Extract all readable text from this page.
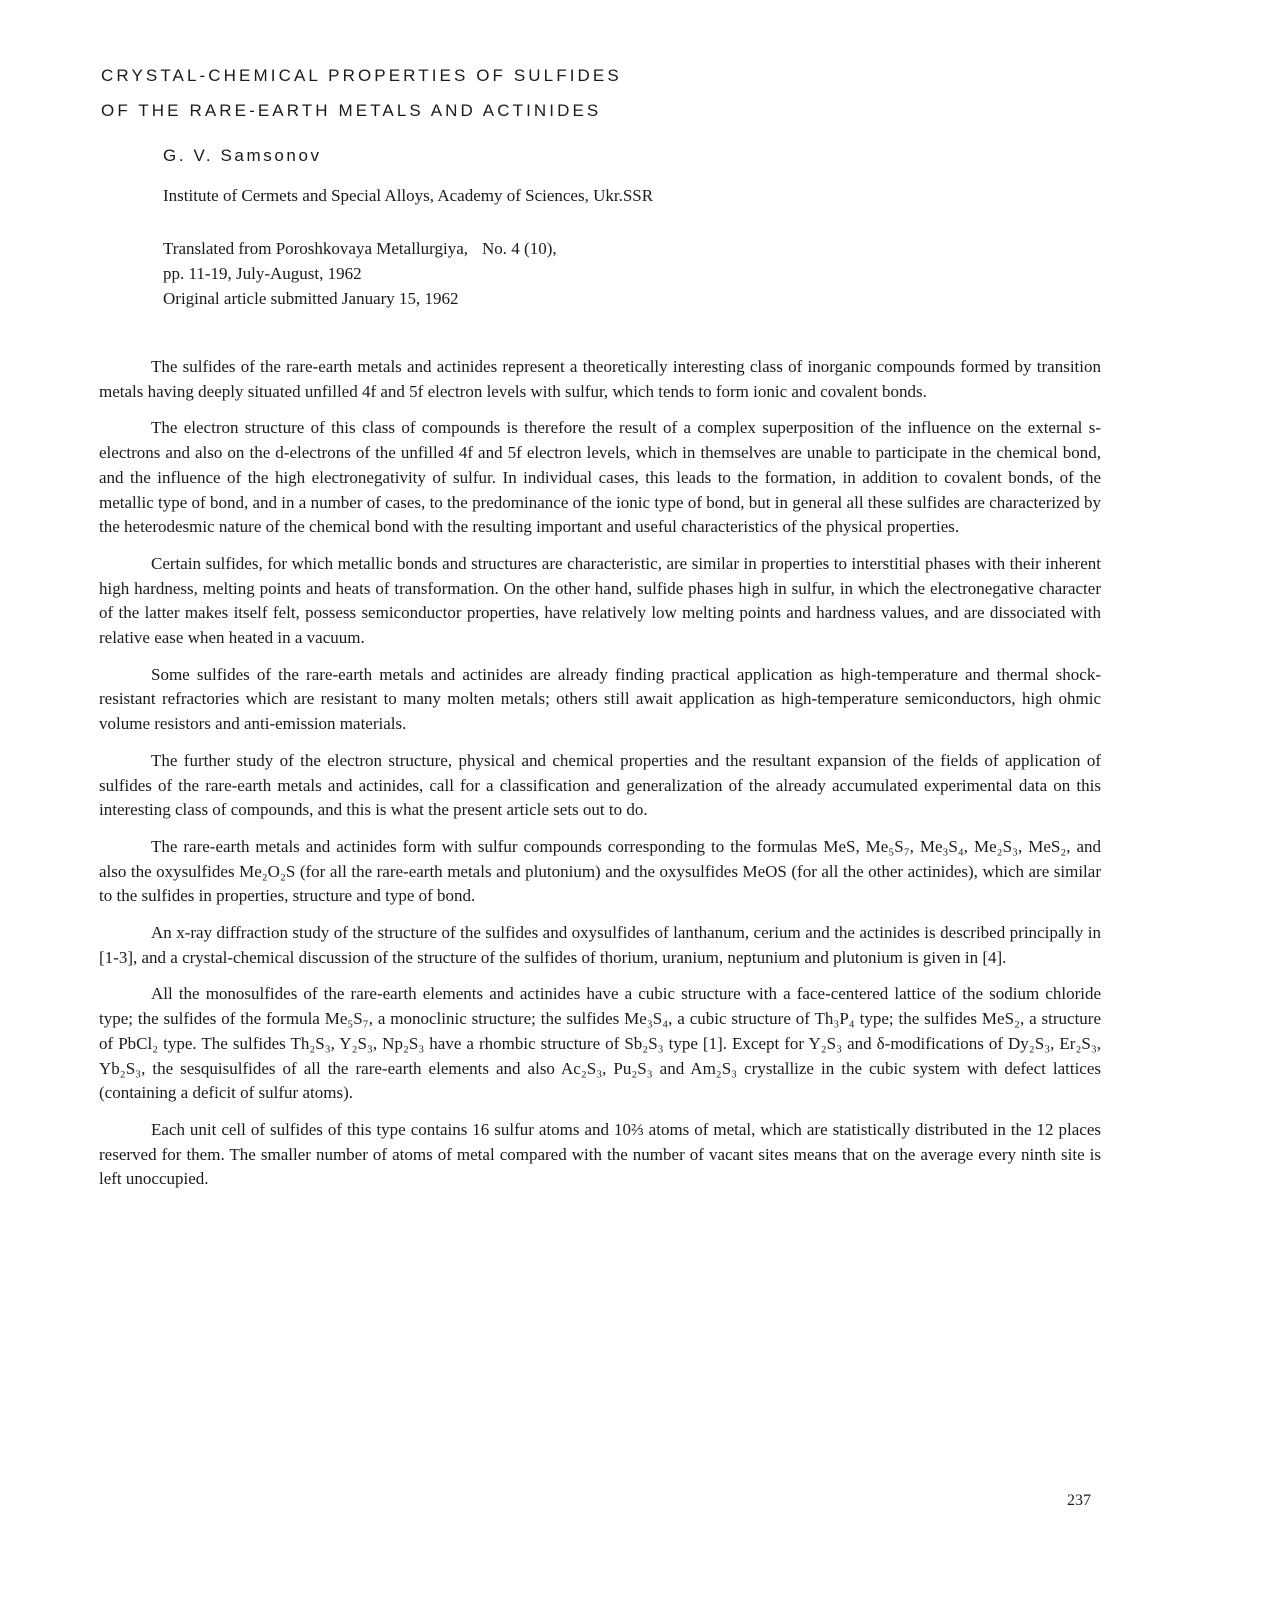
CRYSTAL-CHEMICAL PROPERTIES OF SULFIDES
OF THE RARE-EARTH METALS AND ACTINIDES
G. V. Samsonov
Institute of Cermets and Special Alloys, Academy of Sciences, Ukr.SSR
Translated from Poroshkovaya Metallurgiya, No. 4 (10),
pp. 11-19, July-August, 1962
Original article submitted January 15, 1962

The sulfides of the rare-earth metals and actinides represent a theoretically interesting class of inorganic compounds formed by transition metals having deeply situated unfilled 4f and 5f electron levels with sulfur, which tends to form ionic and covalent bonds.

The electron structure of this class of compounds is therefore the result of a complex superposition of the influence on the external s-electrons and also on the d-electrons of the unfilled 4f and 5f electron levels, which in themselves are unable to participate in the chemical bond, and the influence of the high electronegativity of sulfur. In individual cases, this leads to the formation, in addition to covalent bonds, of the metallic type of bond, and in a number of cases, to the predominance of the ionic type of bond, but in general all these sulfides are characterized by the heterodesmic nature of the chemical bond with the resulting important and useful characteristics of the physical properties.

Certain sulfides, for which metallic bonds and structures are characteristic, are similar in properties to interstitial phases with their inherent high hardness, melting points and heats of transformation. On the other hand, sulfide phases high in sulfur, in which the electronegative character of the latter makes itself felt, possess semiconductor properties, have relatively low melting points and hardness values, and are dissociated with relative ease when heated in a vacuum.

Some sulfides of the rare-earth metals and actinides are already finding practical application as high-temperature and thermal shock-resistant refractories which are resistant to many molten metals; others still await application as high-temperature semiconductors, high ohmic volume resistors and anti-emission materials.

The further study of the electron structure, physical and chemical properties and the resultant expansion of the fields of application of sulfides of the rare-earth metals and actinides, call for a classification and generalization of the already accumulated experimental data on this interesting class of compounds, and this is what the present article sets out to do.

The rare-earth metals and actinides form with sulfur compounds corresponding to the formulas MeS, Me₅S₇, Me₃S₄, Me₂S₃, MeS₂, and also the oxysulfides Me₂O₂S (for all the rare-earth metals and plutonium) and the oxysulfides MeOS (for all the other actinides), which are similar to the sulfides in properties, structure and type of bond.

An x-ray diffraction study of the structure of the sulfides and oxysulfides of lanthanum, cerium and the actinides is described principally in [1-3], and a crystal-chemical discussion of the structure of the sulfides of thorium, uranium, neptunium and plutonium is given in [4].

All the monosulfides of the rare-earth elements and actinides have a cubic structure with a face-centered lattice of the sodium chloride type; the sulfides of the formula Me₅S₇, a monoclinic structure; the sulfides Me₃S₄, a cubic structure of Th₃P₄ type; the sulfides MeS₂, a structure of PbCl₂ type. The sulfides Th₂S₃, Y₂S₃, Np₂S₃ have a rhombic structure of Sb₂S₃ type [1]. Except for Y₂S₃ and δ-modifications of Dy₂S₃, Er₂S₃, Yb₂S₃, the sesquisulfides of all the rare-earth elements and also Ac₂S₃, Pu₂S₃ and Am₂S₃ crystallize in the cubic system with defect lattices (containing a deficit of sulfur atoms).

Each unit cell of sulfides of this type contains 16 sulfur atoms and 10⅔ atoms of metal, which are statistically distributed in the 12 places reserved for them. The smaller number of atoms of metal compared with the number of vacant sites means that on the average every ninth site is left unoccupied.

237
